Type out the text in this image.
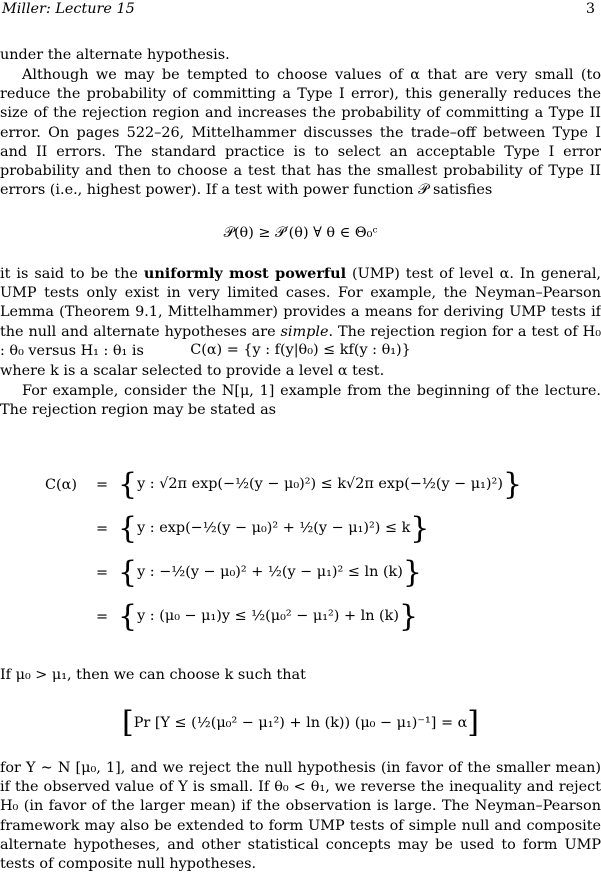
Miller: Lecture 15	3

under the alternate hypothesis.

Although we may be tempted to choose values of α that are very small (to reduce the probability of committing a Type I error), this generally reduces the size of the rejection region and increases the probability of committing a Type II error. On pages 522–26, Mittelhammer discusses the trade–off between Type I and II errors. The standard practice is to select an acceptable Type I error probability and then to choose a test that has the smallest probability of Type II errors (i.e., highest power). If a test with power function 𝒫 satisfies

𝒫(θ) ≥ 𝒫′(θ) ∀ θ ∈ Θ₀ᶜ

it is said to be the uniformly most powerful (UMP) test of level α. In general, UMP tests only exist in very limited cases. For example, the Neyman–Pearson Lemma (Theorem 9.1, Mittelhammer) provides a means for deriving UMP tests if the null and alternate hypotheses are simple. The rejection region for a test of H₀ : θ₀ versus H₁ : θ₁ is	C(α) = {y : f(y|θ₀) ≤ kf(y : θ₁)}

where k is a scalar selected to provide a level α test.

For example, consider the N[μ, 1] example from the beginning of the lecture. The rejection region may be stated as

C(α)	= { y : √2π exp(−½(y − μ₀)²) ≤ k√2π exp(−½(y − μ₁)²) }
= { y : exp(−½(y − μ₀)² + ½(y − μ₁)²) ≤ k }
= { y : −½(y − μ₀)² + ½(y − μ₁)² ≤ ln (k) }
= { y : (μ₀ − μ₁)y ≤ ½(μ₀² − μ₁²) + ln (k) }

If μ₀ > μ₁, then we can choose k such that

[Pr [Y ≤ (½(μ₀² − μ₁²) + ln (k)) (μ₀ − μ₁)⁻¹] = α]

for Y ∼ N [μ₀, 1], and we reject the null hypothesis (in favor of the smaller mean) if the observed value of Y is small. If θ₀ < θ₁, we reverse the inequality and reject H₀ (in favor of the larger mean) if the observation is large. The Neyman–Pearson framework may also be extended to form UMP tests of simple null and composite alternate hypotheses, and other statistical concepts may be used to form UMP tests of composite null hypotheses.
